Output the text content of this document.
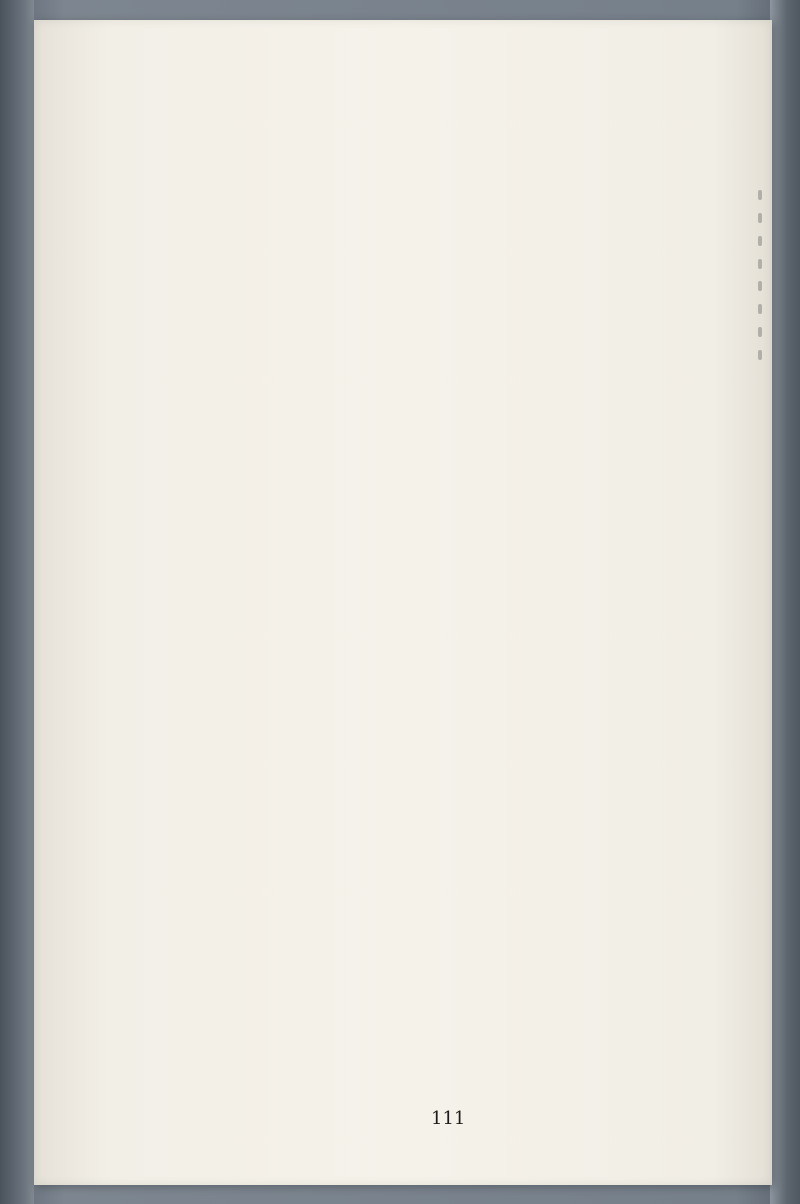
111
